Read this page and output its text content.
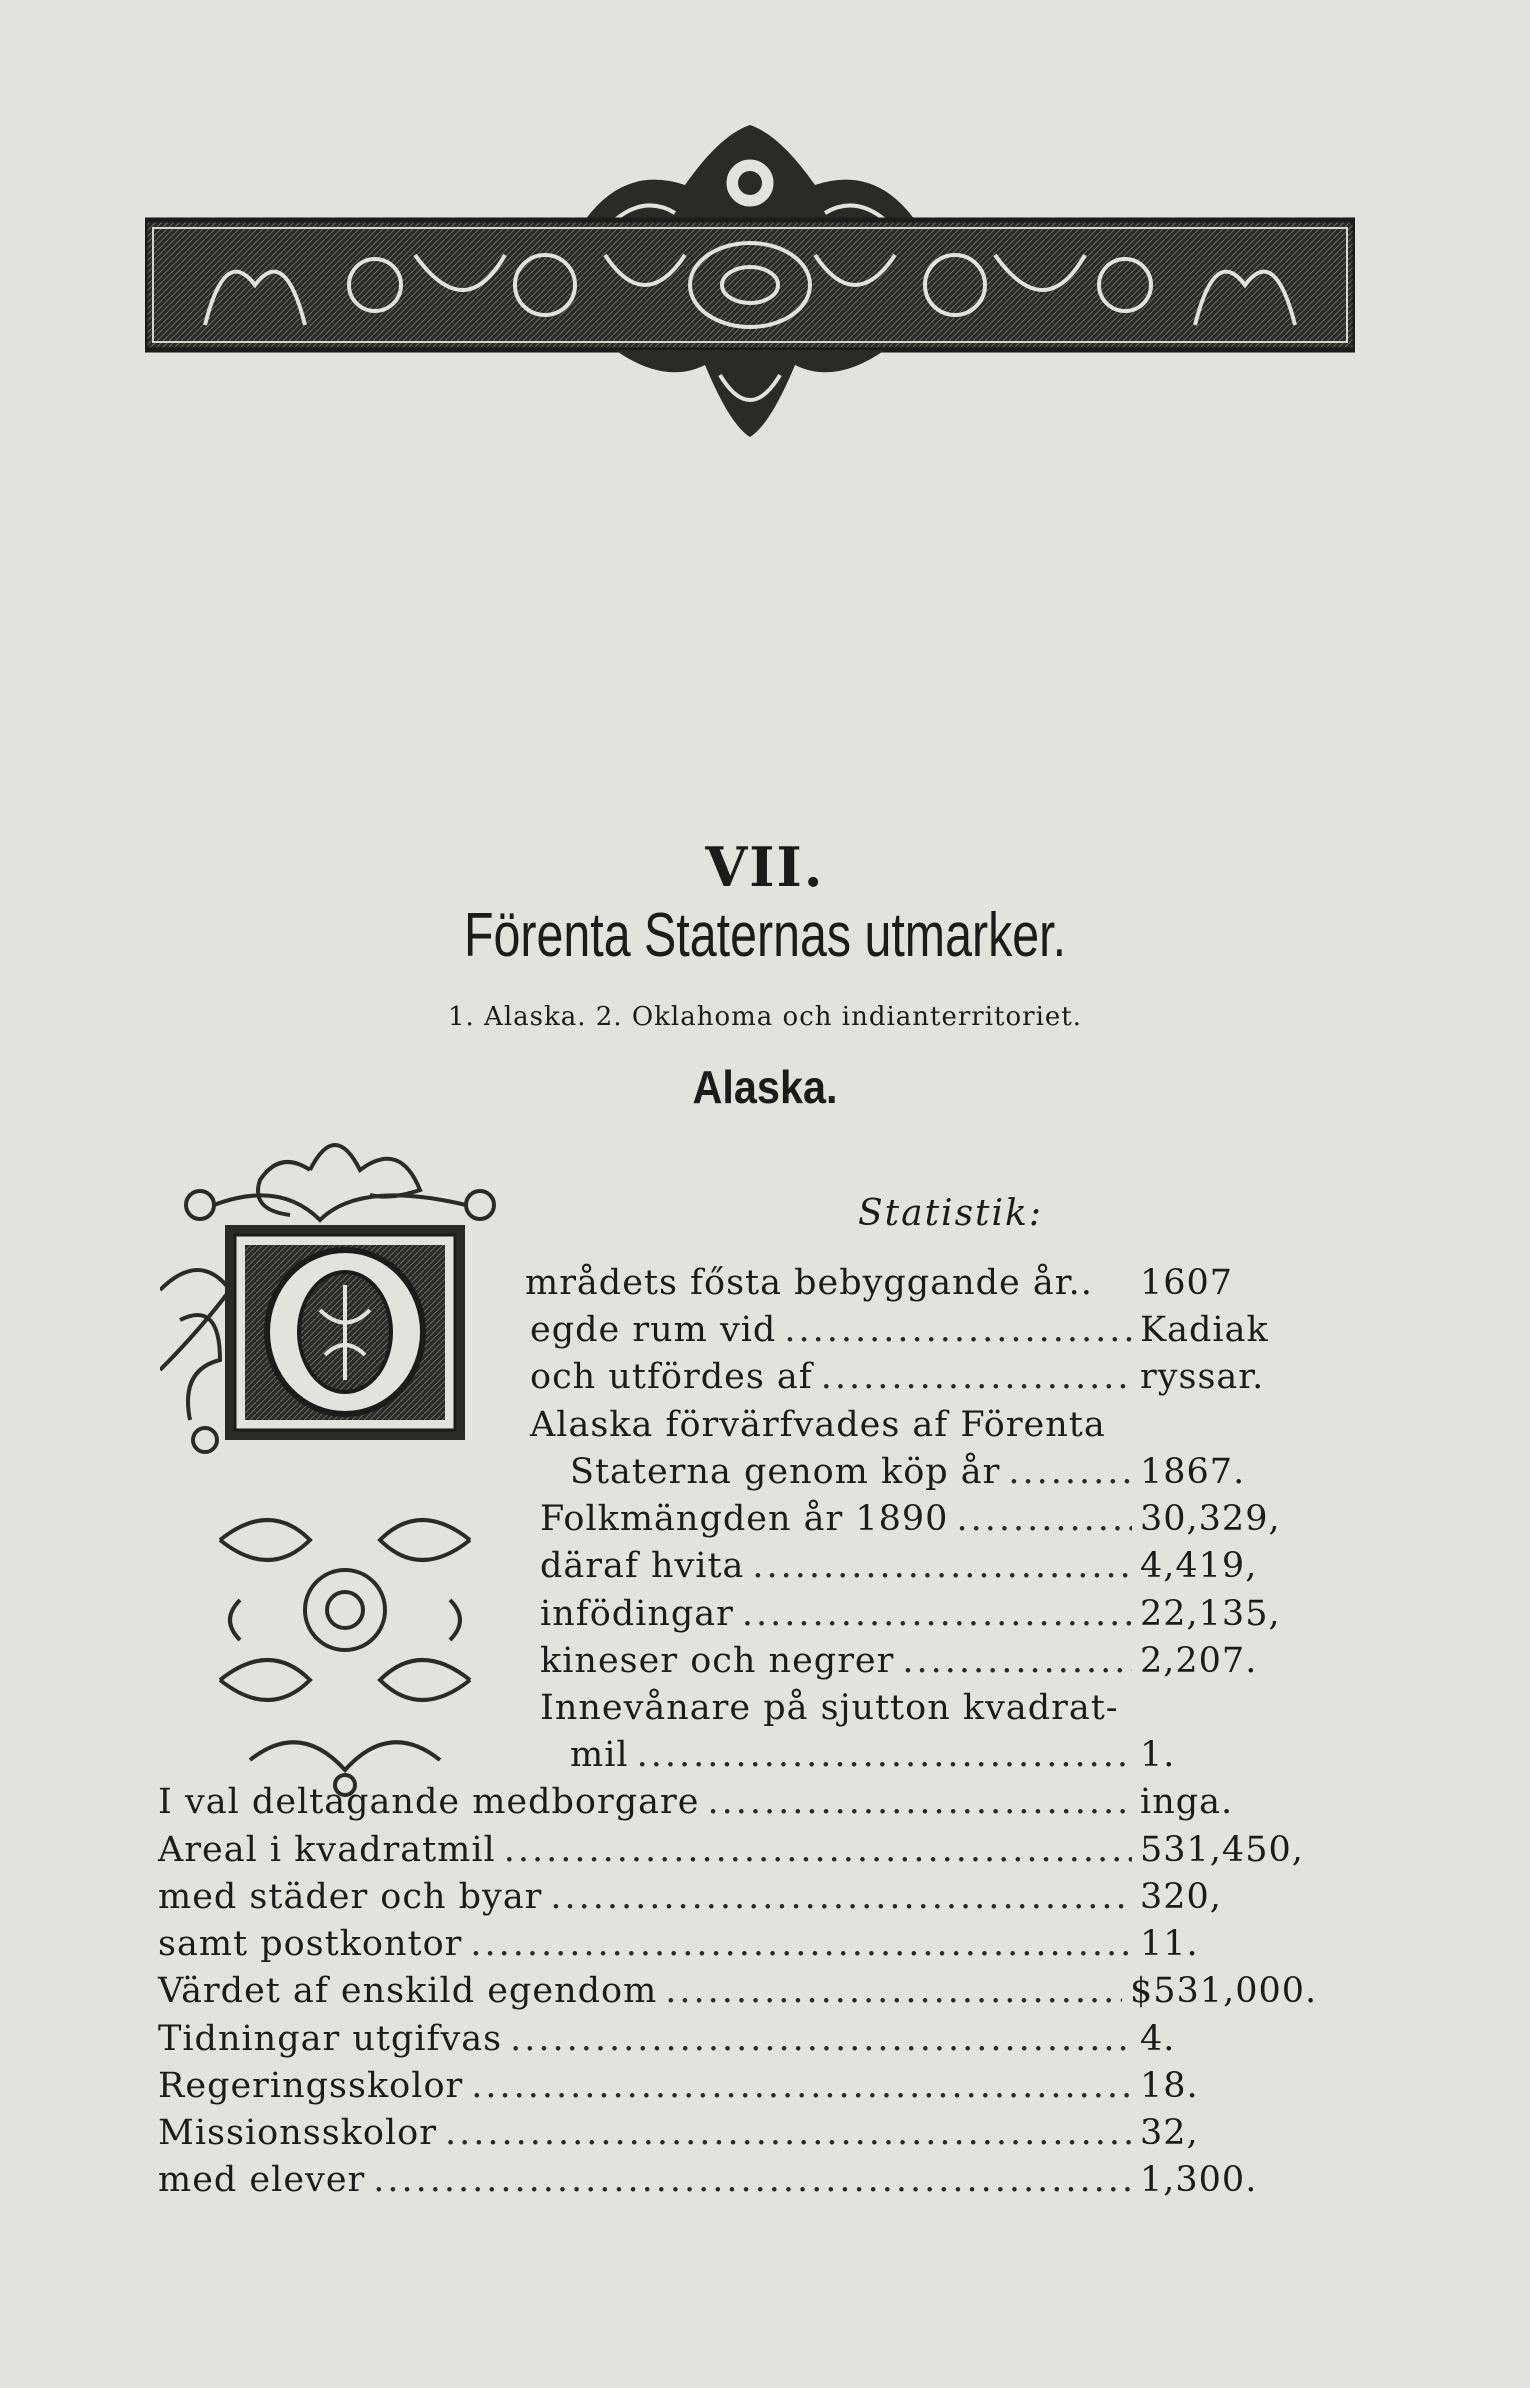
VII.
Förenta Staternas utmarker.
1. Alaska. 2. Oklahoma och indianterritoriet.
Alaska.
Statistik:
O
mrådets fősta bebyggande år.. 1607
egde rum vid .....	Kadiak
och utfördes af .....	ryssar.
Alaska förvärfvades af Förenta
Staterna genom köp år .....	1867.
Folkmängden år 1890 .....	30,329,
däraf hvita .....	4,419,
infödingar .....	22,135,
kineser och negrer .....	2,207.
Innevånare på sjutton kvadrat-
mil .....	1.
I val deltagande medborgare .....	inga.
Areal i kvadratmil .....	531,450,
med städer och byar .....	320,
samt postkontor .....	11.
Värdet af enskild egendom .....	$531,000.
Tidningar utgifvas .....	4.
Regeringsskolor .....	18.
Missionsskolor .....	32,
med elever .....	1,300.
